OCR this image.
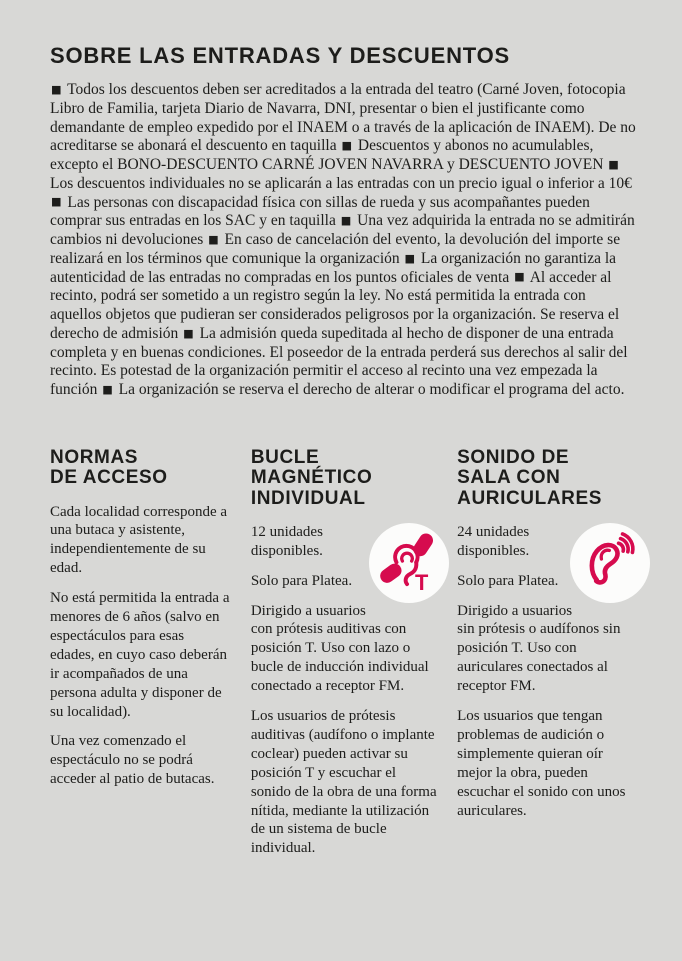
SOBRE LAS ENTRADAS Y DESCUENTOS
■ Todos los descuentos deben ser acreditados a la entrada del teatro (Carné Joven, fotocopia Libro de Familia, tarjeta Diario de Navarra, DNI, presentar o bien el justificante como demandante de empleo expedido por el INAEM o a través de la aplicación de INAEM). De no acreditarse se abonará el descuento en taquilla ■ Descuentos y abonos no acumulables, excepto el BONO-DESCUENTO CARNÉ JOVEN NAVARRA y DESCUENTO JOVEN ■ Los descuentos individuales no se aplicarán a las entradas con un precio igual o inferior a 10€ ■ Las personas con discapacidad física con sillas de rueda y sus acompañantes pueden comprar sus entradas en los SAC y en taquilla ■ Una vez adquirida la entrada no se admitirán cambios ni devoluciones ■ En caso de cancelación del evento, la devolución del importe se realizará en los términos que comunique la organización ■ La organización no garantiza la autenticidad de las entradas no compradas en los puntos oficiales de venta ■ Al acceder al recinto, podrá ser sometido a un registro según la ley. No está permitida la entrada con aquellos objetos que pudieran ser considerados peligrosos por la organización. Se reserva el derecho de admisión ■ La admisión queda supeditada al hecho de disponer de una entrada completa y en buenas condiciones. El poseedor de la entrada perderá sus derechos al salir del recinto. Es potestad de la organización permitir el acceso al recinto una vez empezada la función ■ La organización se reserva el derecho de alterar o modificar el programa del acto.
NORMAS
DE ACCESO

Cada localidad corresponde a una butaca y asistente, independientemente de su edad.

No está permitida la entrada a menores de 6 años (salvo en espectáculos para esas edades, en cuyo caso deberán ir acompañados de una persona adulta y disponer de su localidad).

Una vez comenzado el espectáculo no se podrá acceder al patio de butacas.

BUCLE
MAGNÉTICO
INDIVIDUAL
T

12 unidades disponibles.

Solo para Platea.

Dirigido a usuarios con prótesis auditivas con posición T. Uso con lazo o bucle de inducción individual conectado a receptor FM.

Los usuarios de prótesis auditivas (audífono o implante coclear) pueden activar su posición T y escuchar el sonido de la obra de una forma nítida, mediante la utilización de un sistema de bucle individual.

SONIDO DE
SALA CON
AURICULARES

24 unidades disponibles.

Solo para Platea.

Dirigido a usuarios sin prótesis o audífonos sin posición T. Uso con auriculares conectados al receptor FM.

Los usuarios que tengan problemas de audición o simplemente quieran oír mejor la obra, pueden escuchar el sonido con unos auriculares.
